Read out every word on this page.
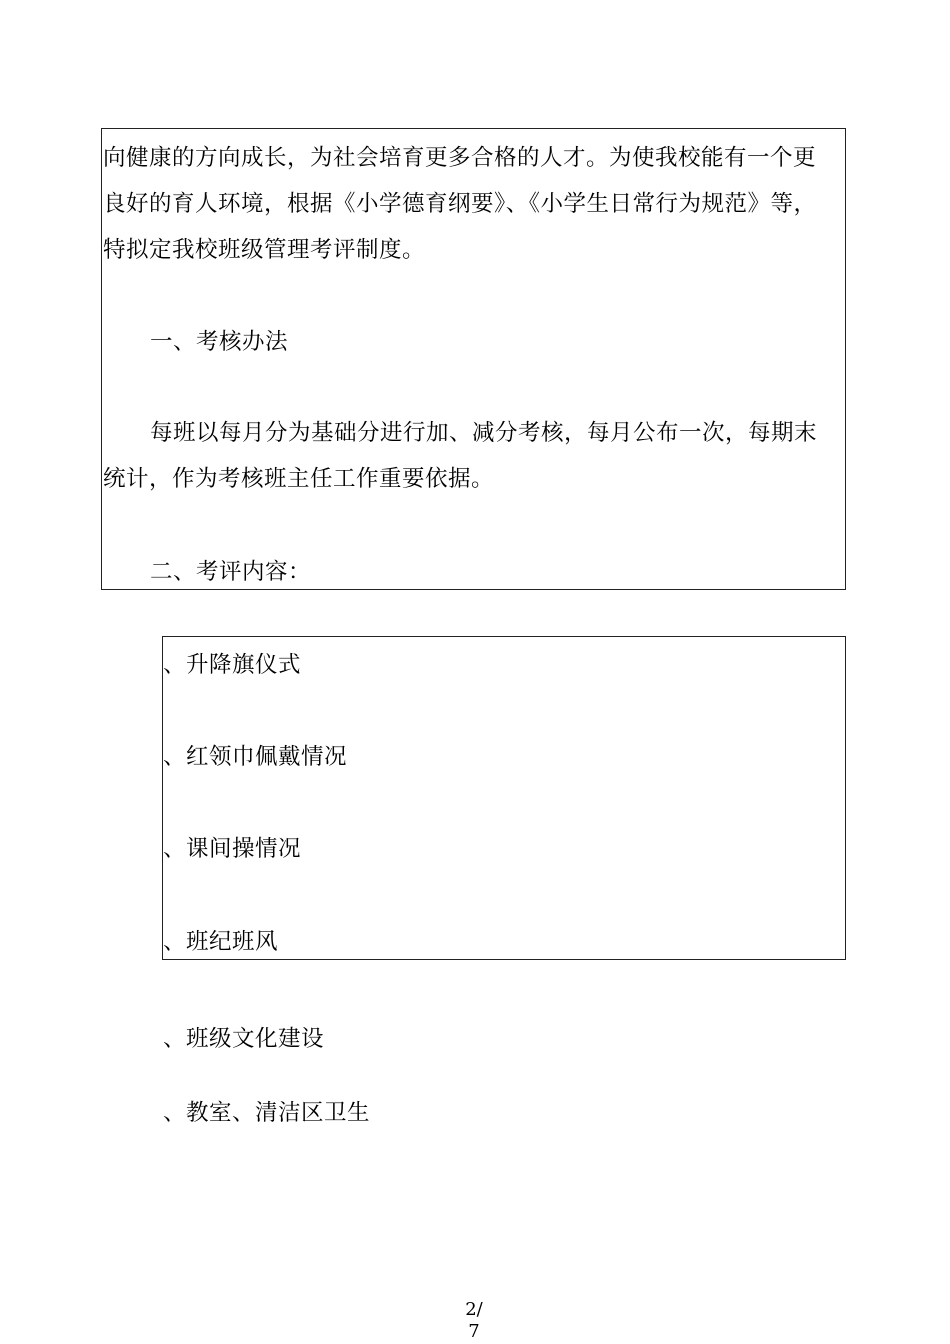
向健康的方向成长，为社会培育更多合格的人才。为使我校能有一个更
良好的育人环境，根据《小学德育纲要》、《小学生日常行为规范》等，
特拟定我校班级管理考评制度。
一、考核办法
每班以每月分为基础分进行加、减分考核，每月公布一次，每期末
统计，作为考核班主任工作重要依据。
二、考评内容：
、升降旗仪式
、红领巾佩戴情况
、课间操情况
、班纪班风
、班级文化建设
、教室、清洁区卫生
2/
7
